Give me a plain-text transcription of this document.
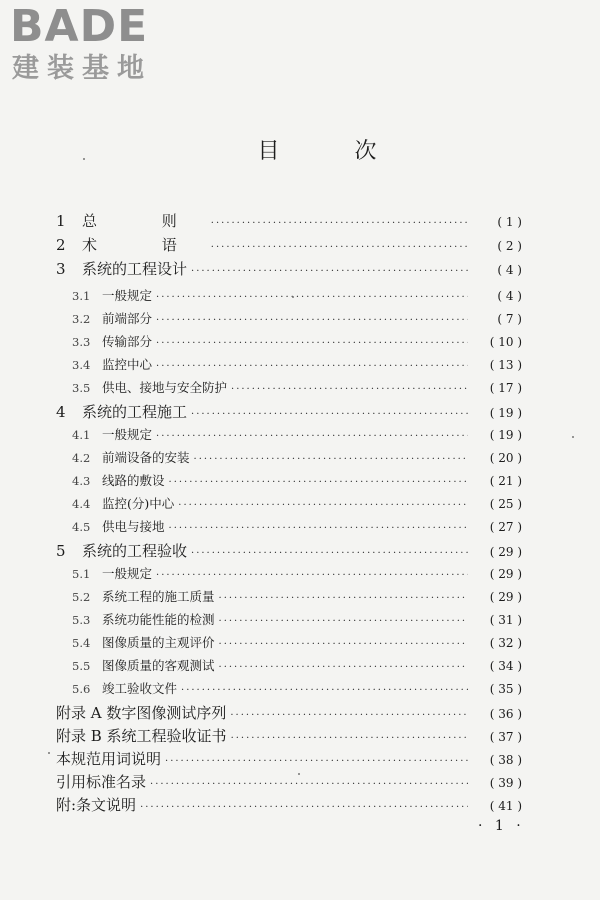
BADE
建装基地
目 次
1	总 则 ·····	( 1 )
2	术 语 ·····	( 2 )
3	系统的工程设计 ·····	( 4 )
3.1 一般规定 ·····	( 4 )
3.2 前端部分 ·····	( 7 )
3.3 传输部分 ·····	( 10 )
3.4 监控中心 ·····	( 13 )
3.5 供电、接地与安全防护 ·····	( 17 )
4	系统的工程施工 ·····	( 19 )
4.1 一般规定 ·····	( 19 )
4.2 前端设备的安装 ·····	( 20 )
4.3 线路的敷设 ·····	( 21 )
4.4 监控(分)中心 ·····	( 25 )
4.5 供电与接地 ·····	( 27 )
5	系统的工程验收 ·····	( 29 )
5.1 一般规定 ·····	( 29 )
5.2 系统工程的施工质量 ·····	( 29 )
5.3 系统功能性能的检测 ·····	( 31 )
5.4 图像质量的主观评价 ·····	( 32 )
5.5 图像质量的客观测试 ·····	( 34 )
5.6 竣工验收文件 ·····	( 35 )
附录 A 数字图像测试序列 ·····	( 36 )
附录 B 系统工程验收证书 ·····	( 37 )
本规范用词说明 ·····	( 38 )
引用标准名录 ·····	( 39 )
附:条文说明 ·····	( 41 )
· 1 ·
